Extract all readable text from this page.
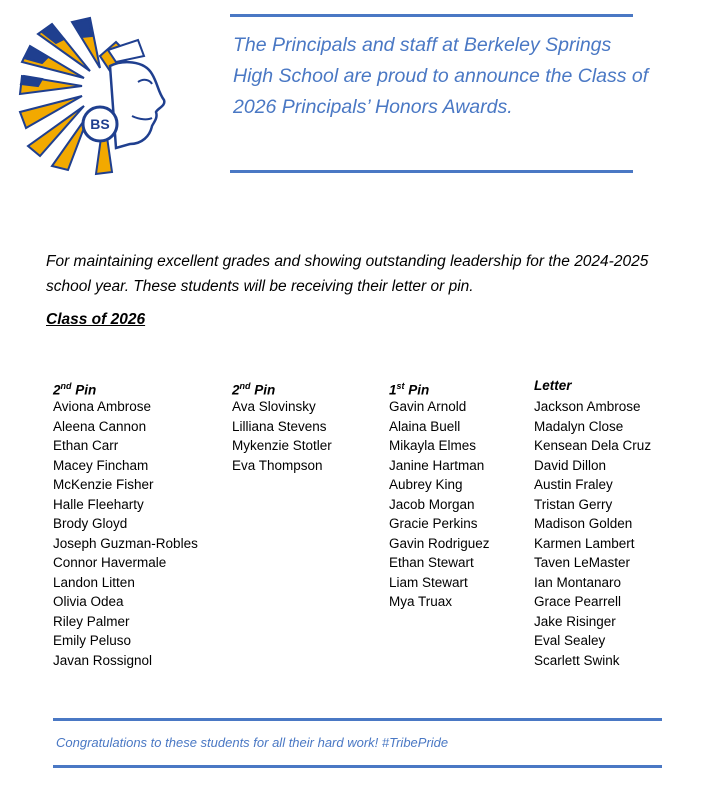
BS
The Principals and staff at Berkeley Springs High School are proud to announce the Class of 2026 Principals’ Honors Awards.
For maintaining excellent grades and showing outstanding leadership for the 2024-2025 school year. These students will be receiving their letter or pin.
Class of 2026
2nd Pin
Aviona Ambrose
Aleena Cannon
Ethan Carr
Macey Fincham
McKenzie Fisher
Halle Fleeharty
Brody Gloyd
Joseph Guzman-Robles
Connor Havermale
Landon Litten
Olivia Odea
Riley Palmer
Emily Peluso
Javan Rossignol
2nd Pin
Ava Slovinsky
Lilliana Stevens
Mykenzie Stotler
Eva Thompson
1st Pin
Gavin Arnold
Alaina Buell
Mikayla Elmes
Janine Hartman
Aubrey King
Jacob Morgan
Gracie Perkins
Gavin Rodriguez
Ethan Stewart
Liam Stewart
Mya Truax
Letter
Jackson Ambrose
Madalyn Close
Kensean Dela Cruz
David Dillon
Austin Fraley
Tristan Gerry
Madison Golden
Karmen Lambert
Taven LeMaster
Ian Montanaro
Grace Pearrell
Jake Risinger
Eval Sealey
Scarlett Swink
Congratulations to these students for all their hard work! #TribePride
